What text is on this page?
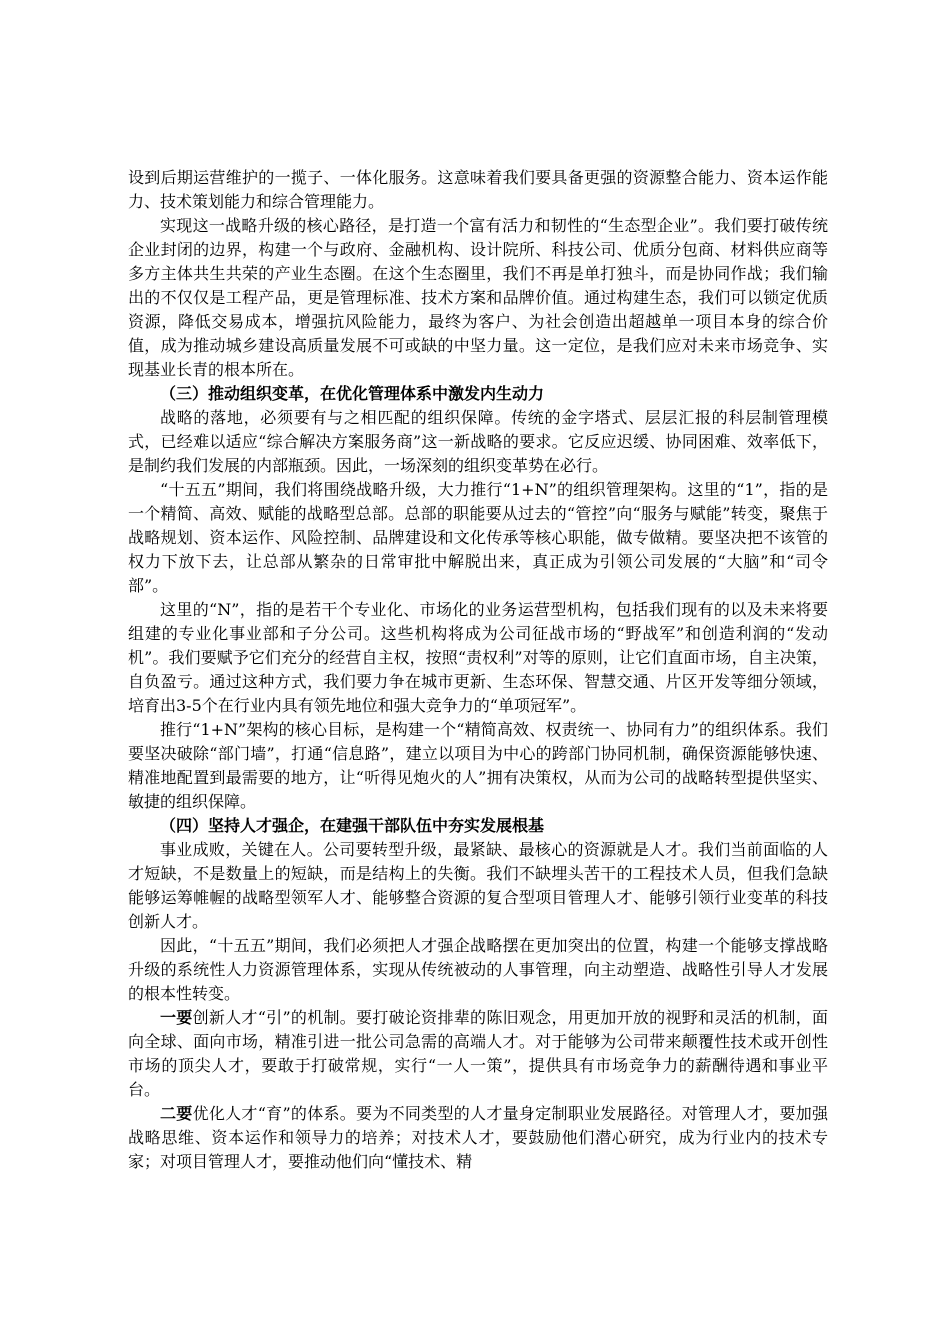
设到后期运营维护的一揽子、一体化服务。这意味着我们要具备更强的资源整合能力、资本运作能力、技术策划能力和综合管理能力。

实现这一战略升级的核心路径，是打造一个富有活力和韧性的“生态型企业”。我们要打破传统企业封闭的边界，构建一个与政府、金融机构、设计院所、科技公司、优质分包商、材料供应商等多方主体共生共荣的产业生态圈。在这个生态圈里，我们不再是单打独斗，而是协同作战；我们输出的不仅仅是工程产品，更是管理标准、技术方案和品牌价值。通过构建生态，我们可以锁定优质资源，降低交易成本，增强抗风险能力，最终为客户、为社会创造出超越单一项目本身的综合价值，成为推动城乡建设高质量发展不可或缺的中坚力量。这一定位，是我们应对未来市场竞争、实现基业长青的根本所在。

（三）推动组织变革，在优化管理体系中激发内生动力

战略的落地，必须要有与之相匹配的组织保障。传统的金字塔式、层层汇报的科层制管理模式，已经难以适应“综合解决方案服务商”这一新战略的要求。它反应迟缓、协同困难、效率低下，是制约我们发展的内部瓶颈。因此，一场深刻的组织变革势在必行。

“十五五”期间，我们将围绕战略升级，大力推行“1+N”的组织管理架构。这里的“1”，指的是一个精简、高效、赋能的战略型总部。总部的职能要从过去的“管控”向“服务与赋能”转变，聚焦于战略规划、资本运作、风险控制、品牌建设和文化传承等核心职能，做专做精。要坚决把不该管的权力下放下去，让总部从繁杂的日常审批中解脱出来，真正成为引领公司发展的“大脑”和“司令部”。

这里的“N”，指的是若干个专业化、市场化的业务运营型机构，包括我们现有的以及未来将要组建的专业化事业部和子分公司。这些机构将成为公司征战市场的“野战军”和创造利润的“发动机”。我们要赋予它们充分的经营自主权，按照“责权利”对等的原则，让它们直面市场，自主决策，自负盈亏。通过这种方式，我们要力争在城市更新、生态环保、智慧交通、片区开发等细分领域，培育出3-5个在行业内具有领先地位和强大竞争力的“单项冠军”。

推行“1+N”架构的核心目标，是构建一个“精简高效、权责统一、协同有力”的组织体系。我们要坚决破除“部门墙”，打通“信息路”，建立以项目为中心的跨部门协同机制，确保资源能够快速、精准地配置到最需要的地方，让“听得见炮火的人”拥有决策权，从而为公司的战略转型提供坚实、敏捷的组织保障。

（四）坚持人才强企，在建强干部队伍中夯实发展根基

事业成败，关键在人。公司要转型升级，最紧缺、最核心的资源就是人才。我们当前面临的人才短缺，不是数量上的短缺，而是结构上的失衡。我们不缺埋头苦干的工程技术人员，但我们急缺能够运筹帷幄的战略型领军人才、能够整合资源的复合型项目管理人才、能够引领行业变革的科技创新人才。

因此，“十五五”期间，我们必须把人才强企战略摆在更加突出的位置，构建一个能够支撑战略升级的系统性人力资源管理体系，实现从传统被动的人事管理，向主动塑造、战略性引导人才发展的根本性转变。

一要创新人才“引”的机制。要打破论资排辈的陈旧观念，用更加开放的视野和灵活的机制，面向全球、面向市场，精准引进一批公司急需的高端人才。对于能够为公司带来颠覆性技术或开创性市场的顶尖人才，要敢于打破常规，实行“一人一策”，提供具有市场竞争力的薪酬待遇和事业平台。

二要优化人才“育”的体系。要为不同类型的人才量身定制职业发展路径。对管理人才，要加强战略思维、资本运作和领导力的培养；对技术人才，要鼓励他们潜心研究，成为行业内的技术专家；对项目管理人才，要推动他们向“懂技术、精
